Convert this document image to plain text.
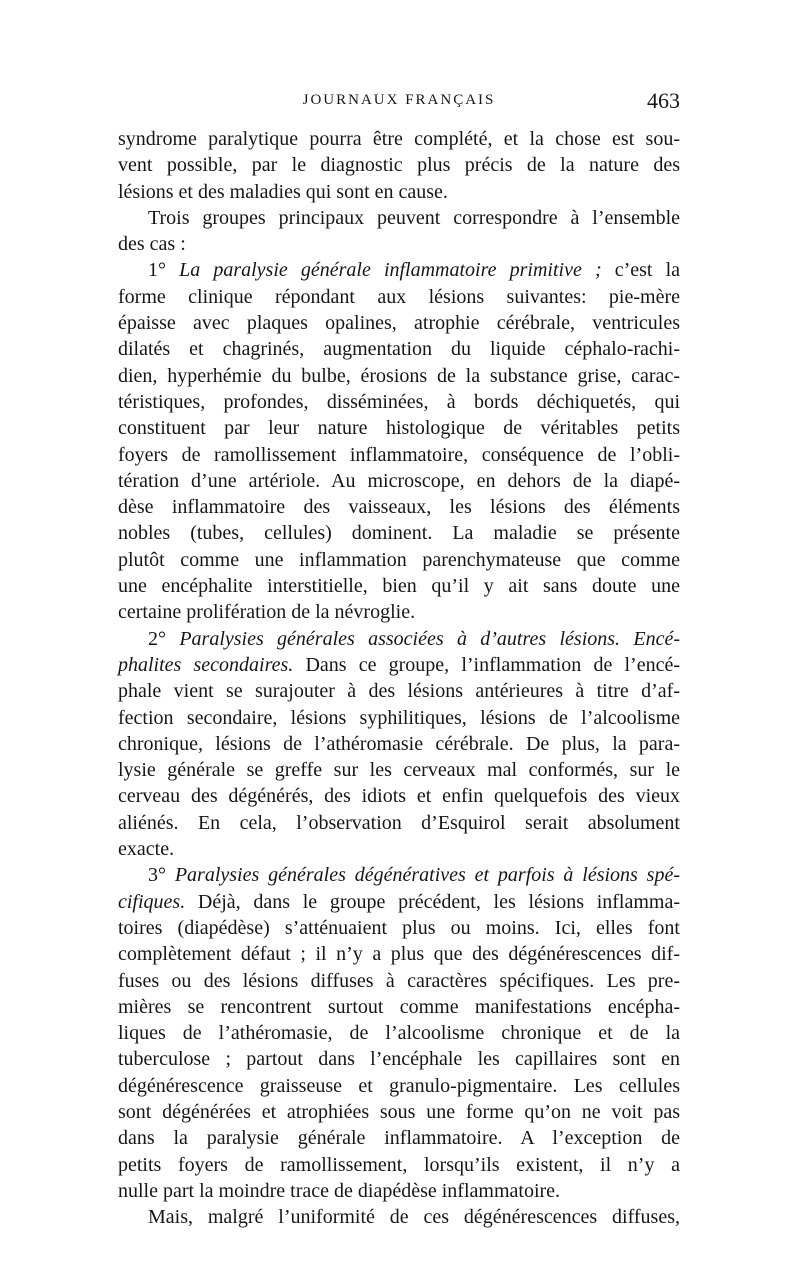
JOURNAUX FRANÇAIS	463
syndrome paralytique pourra être complété, et la chose est sou-
vent possible, par le diagnostic plus précis de la nature des
lésions et des maladies qui sont en cause.
Trois groupes principaux peuvent correspondre à l’ensemble
des cas :
1° La paralysie générale inflammatoire primitive ; c’est la
forme clinique répondant aux lésions suivantes: pie-mère
épaisse avec plaques opalines, atrophie cérébrale, ventricules
dilatés et chagrinés, augmentation du liquide céphalo-rachi-
dien, hyperhémie du bulbe, érosions de la substance grise, carac-
téristiques, profondes, disséminées, à bords déchiquetés, qui
constituent par leur nature histologique de véritables petits
foyers de ramollissement inflammatoire, conséquence de l’obli-
tération d’une artériole. Au microscope, en dehors de la diapé-
dèse inflammatoire des vaisseaux, les lésions des éléments
nobles (tubes, cellules) dominent. La maladie se présente
plutôt comme une inflammation parenchymateuse que comme
une encéphalite interstitielle, bien qu’il y ait sans doute une
certaine prolifération de la névroglie.
2° Paralysies générales associées à d’autres lésions. Encé-
phalites secondaires. Dans ce groupe, l’inflammation de l’encé-
phale vient se surajouter à des lésions antérieures à titre d’af-
fection secondaire, lésions syphilitiques, lésions de l’alcoolisme
chronique, lésions de l’athéromasie cérébrale. De plus, la para-
lysie générale se greffe sur les cerveaux mal conformés, sur le
cerveau des dégénérés, des idiots et enfin quelquefois des vieux
aliénés. En cela, l’observation d’Esquirol serait absolument
exacte.
3° Paralysies générales dégénératives et parfois à lésions spé-
cifiques. Déjà, dans le groupe précédent, les lésions inflamma-
toires (diapédèse) s’atténuaient plus ou moins. Ici, elles font
complètement défaut ; il n’y a plus que des dégénérescences dif-
fuses ou des lésions diffuses à caractères spécifiques. Les pre-
mières se rencontrent surtout comme manifestations encépha-
liques de l’athéromasie, de l’alcoolisme chronique et de la
tuberculose ; partout dans l’encéphale les capillaires sont en
dégénérescence graisseuse et granulo-pigmentaire. Les cellules
sont dégénérées et atrophiées sous une forme qu’on ne voit pas
dans la paralysie générale inflammatoire. A l’exception de
petits foyers de ramollissement, lorsqu’ils existent, il n’y a
nulle part la moindre trace de diapédèse inflammatoire.
Mais, malgré l’uniformité de ces dégénérescences diffuses,
